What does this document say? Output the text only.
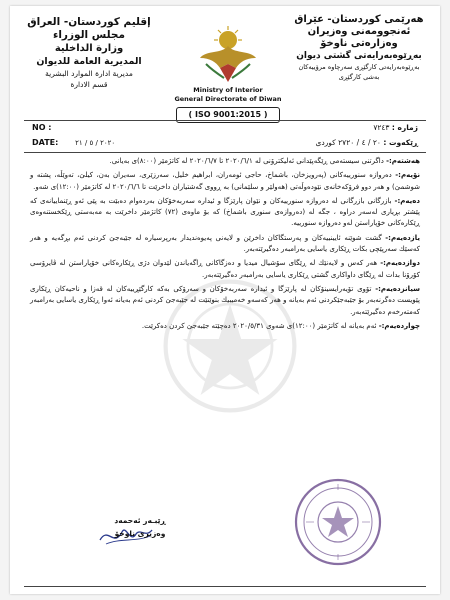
إقليم كوردستان- العراق
مجلس الوزراء
وزارة الداخلية
المديرية العامة للديوان
مديرية ادارة الموارد البشرية
قسم الادارة
Ministry of Interior
General Directorate of Diwan
( ISO 9001:2015 )
هەرێمی كوردستان- عێراق
ئەنجوومەنی وەزیران
وەزارەتی ناوخۆ
بەڕێوەبەرایەتی گشتی دیوان
بەڕێوەبەرایەتی كارگێڕی سەرچاوە مرۆییەكان
بەشی كارگێڕی
NO :
DATE: ٢٠٢٠ / ٥ / ٢١
ژمارە : ٧٢٤٣
ڕێكەوت : ٢٠ / ٤ / ٢٧٢٠ كوردی

هەشتەم:- داگرتنی سیستەمی ڕێگەپێدانی ئەلیكترۆنی لە ٢٠٢٠/٦/١ تا ٢٠٢٠/٦/٧ لە كاتژمێر (٨:٠٠)ی بەیانی.

نۆیەم:- دەروازە سنورییەكانی (پەرویزخان، باشماخ، حاجی ئومەران، ابراهیم خلیل، سەرزێری، سەیران بەن، كیلێ، تەوێڵە، پشتە و شوشمێ) و هەر دوو فرۆكەخانەی نێودەوڵەتی (هەولێر و سلێمانی) بە ڕووی گەشتیاران داخرێت تا ٢٠٢٠/٦/٦ لە كاتژمێر (١٢:٠٠)ی شەو.

دەیەم:- بازرگانی بازرگانی لە دەروازە سنورییەكان و نێوان پارێزگا و ئیدارە سەربەخۆكان بەردەوام دەبێت بە پێی ئەو ڕێنماییانەی كە پێشتر بڕیاری لەسەر دراوە ، جگە لە (دەروازەی سنوری باشماخ) كە بۆ ماوەی (٧٢) كاتژمێر داخرێت بە مەبەستی ڕێكخستنەوەی ڕێكارەكانی خۆپاراستن لەو دەروازە سنورییە.

یازدەیەم:- گشت شوێنە ئایینییەكان و پەرستگاكان داخرێن و لایەنی پەیوەندیدار بەرپرسیارە لە جێبەجێ كردنی ئەم بڕگەیە و هەر كەسێك سەرپێچی بكات ڕێكاری یاسایی بەرامبەر دەگیرێتەبەر.

دوازدەیەم:- هەر كەس و لایەنێك لە ڕێگای سۆشیال میدیا و دەزگاكانی ڕاگەیاندن لێدوان دژی ڕێكارەكانی خۆپاراستن لە ڤایرۆسی كۆرۆنا بدات لە ڕێگای داواكاری گشتی ڕێكاری یاسایی بەرامبەر دەگیرێتەبەر.

سیانزدەیەم:- تۆوی تۆیەرایسینۆكان لە پارێزگا و ئیدارە سەربەخۆكان و سەرۆكی بەكە كارگێڕییەكان لە قەزا و ناحیەكان ڕێكاری پێویست دەگرنەبەر بۆ جێبەجێكردنی ئەم بەیانە و هەر كەسەو خەمیبیك بنوێنێت لە جێبەجێ كردنی ئەم بەیانە ئەوا ڕێكاری یاسایی بەرامبەر كەمتەرخەم دەگیرێتەبەر.

چواردەیەم:- ئەم بەیانە لە كاتژمێر (١٢:٠٠)ی شەوی ٢٠٢٠/٥/٣١ دەچێتە جێبەجێ كردن دەكرێت.

ڕێبـەر ئەحمەد
وەزیری ناوخۆ
